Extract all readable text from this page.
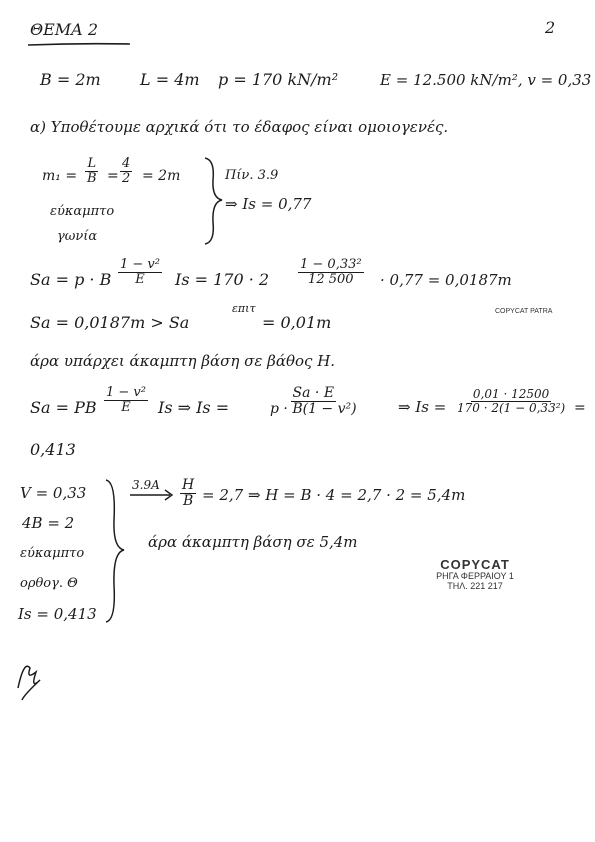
ΘΕΜΑ 2	2
B = 2m L = 4m p = 170 kN/m²	E = 12.500 kN/m², v = 0,33
α) Υποθέτουμε αρχικά ότι το έδαφος είναι ομοιογενές.
$m_1 = \frac{L}{B} = \frac{4}{2} = 2m$	Πίν. 3.9
εύκαμπτο	⇒ Is = 0,77
γωνία
Sa = p · B $\frac{\text{1 − v²}}{E}$ $Is = 170 \cdot 2 \frac{\text{1 − 0,33²}}{12 500} \cdot 0,77 = 0,0187m$
Sa = 0,0187m > Sa
επιτ
= 0,01m
COPYCAT PATRA
άρα υπάρχει άκαμπτη βάση σε βάθος H.
Sa = PB $\frac{\text{1 − v²}}{E}$ Is ⇒ Is =	$\frac{Sa \cdot E}{\text{p · B(1 − v²)}}$	⇒ $Is = \frac{0,01 \cdot 12500}{\text{170 · 2(1 − 0,33²)}}$ =
0,413
V = 0,33
4B = 2
εύκαμπτο
ορθογ. Θ
Is = 0,413
$3.9A \frac{H}{B} = 2,7$ ⇒ H = B · 4 = 2,7 · 2 = 5,4m
άρα άκαμπτη βάση σε 5,4m
COPYCAT
ΡΗΓΑ ΦΕΡΡΑΙΟΥ 1
ΤΗΛ. 221 217
